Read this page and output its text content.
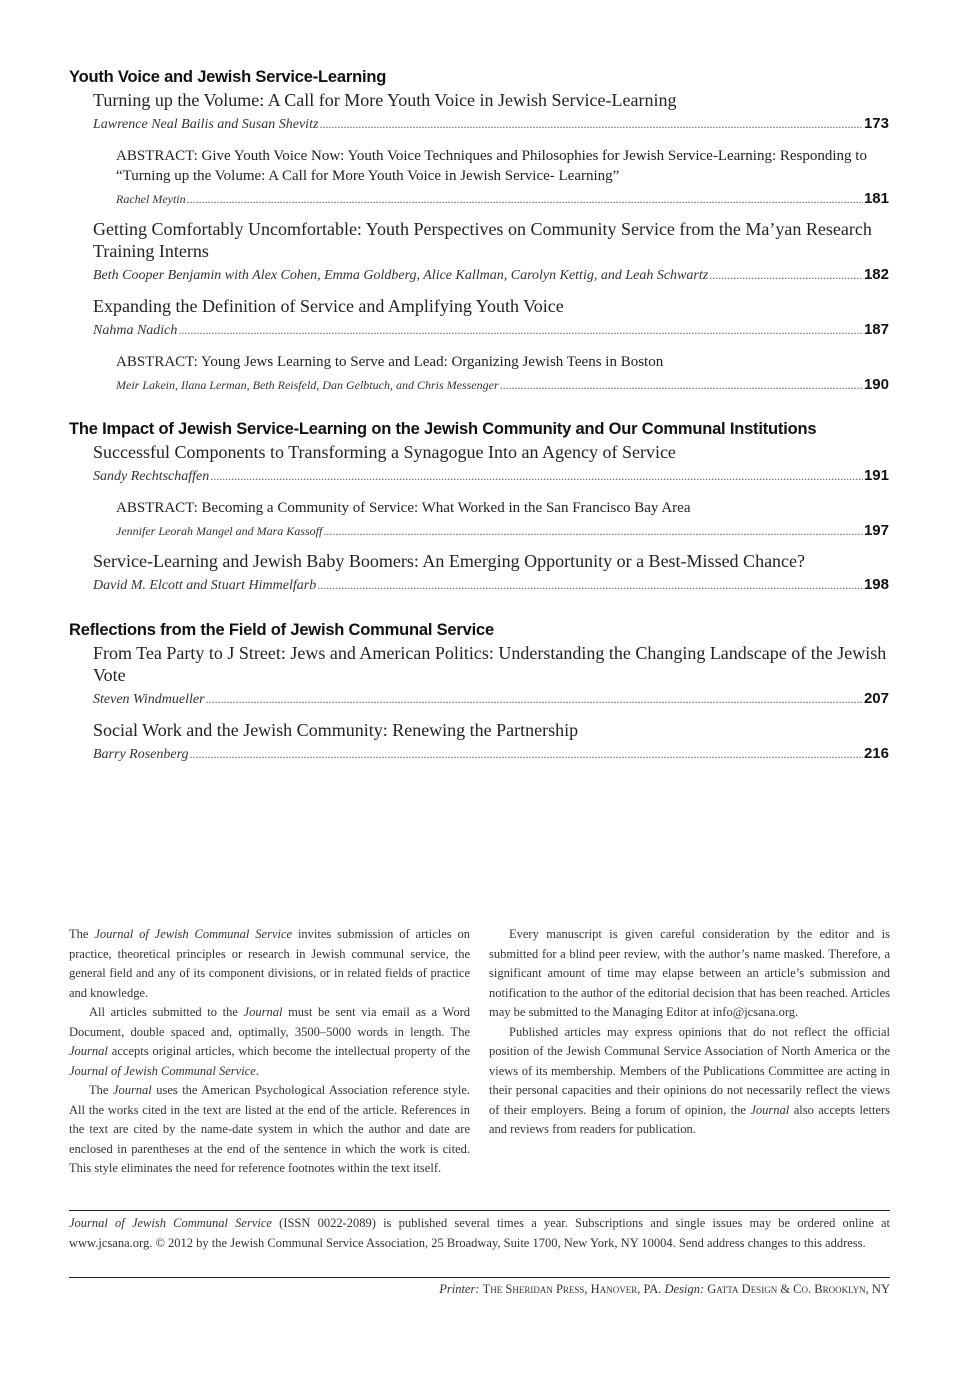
Youth Voice and Jewish Service-Learning
Turning up the Volume: A Call for More Youth Voice in Jewish Service-Learning
Lawrence Neal Bailis and Susan Shevitz .....	173
ABSTRACT: Give Youth Voice Now: Youth Voice Techniques and Philosophies for Jewish Service-Learning: Responding to “Turning up the Volume: A Call for More Youth Voice in Jewish Service- Learning”
Rachel Meytin .....	181
Getting Comfortably Uncomfortable: Youth Perspectives on Community Service from the Ma’yan Research Training Interns
Beth Cooper Benjamin with Alex Cohen, Emma Goldberg, Alice Kallman, Carolyn Kettig, and Leah Schwartz .....	182
Expanding the Definition of Service and Amplifying Youth Voice
Nahma Nadich .....	187
ABSTRACT: Young Jews Learning to Serve and Lead: Organizing Jewish Teens in Boston
Meir Lakein, Ilana Lerman, Beth Reisfeld, Dan Gelbtuch, and Chris Messenger .....	190
The Impact of Jewish Service-Learning on the Jewish Community and Our Communal Institutions
Successful Components to Transforming a Synagogue Into an Agency of Service
Sandy Rechtschaffen .....	191
ABSTRACT: Becoming a Community of Service: What Worked in the San Francisco Bay Area
Jennifer Leorah Mangel and Mara Kassoff .....	197
Service-Learning and Jewish Baby Boomers: An Emerging Opportunity or a Best-Missed Chance?
David M. Elcott and Stuart Himmelfarb .....	198
Reflections from the Field of Jewish Communal Service
From Tea Party to J Street: Jews and American Politics: Understanding the Changing Landscape of the Jewish Vote
Steven Windmueller .....	207
Social Work and the Jewish Community: Renewing the Partnership
Barry Rosenberg .....	216

The Journal of Jewish Communal Service invites submission of articles on practice, theoretical principles or research in Jewish communal service, the general field and any of its component divisions, or in related fields of practice and knowledge.

All articles submitted to the Journal must be sent via email as a Word Document, double spaced and, optimally, 3500–5000 words in length. The Journal accepts original articles, which become the intellectual property of the Journal of Jewish Communal Service.

The Journal uses the American Psychological Association reference style. All the works cited in the text are listed at the end of the article. References in the text are cited by the name-date system in which the author and date are enclosed in parentheses at the end of the sentence in which the work is cited. This style eliminates the need for reference footnotes within the text itself.

Every manuscript is given careful consideration by the editor and is submitted for a blind peer review, with the author’s name masked. Therefore, a significant amount of time may elapse between an article’s submission and notification to the author of the editorial decision that has been reached. Articles may be submitted to the Managing Editor at info@jcsana.org.

Published articles may express opinions that do not reflect the official position of the Jewish Communal Service Association of North America or the views of its membership. Members of the Publications Committee are acting in their personal capacities and their opinions do not necessarily reflect the views of their employers. Being a forum of opinion, the Journal also accepts letters and reviews from readers for publication.

Journal of Jewish Communal Service (ISSN 0022-2089) is published several times a year. Subscriptions and single issues may be ordered online at www.jcsana.org. © 2012 by the Jewish Communal Service Association, 25 Broadway, Suite 1700, New York, NY 10004. Send address changes to this address.

Printer: The Sheridan Press, Hanover, PA. Design: Gatta Design & Co. Brooklyn, NY
